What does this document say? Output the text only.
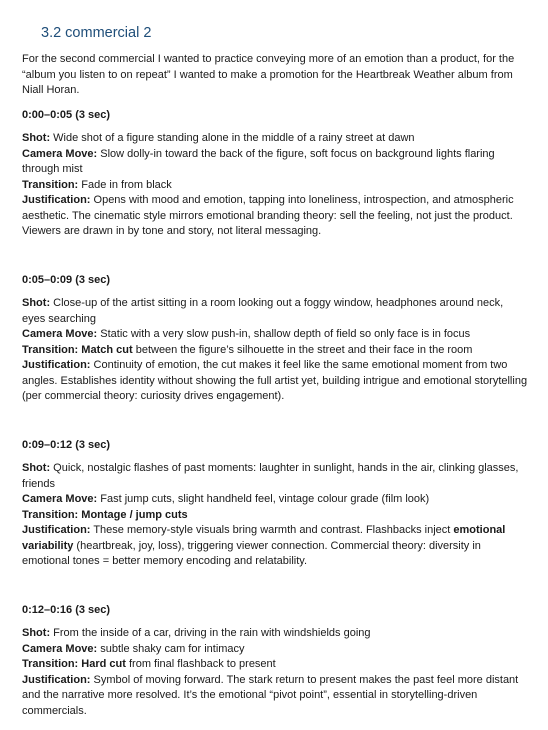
3.2 commercial 2

For the second commercial I wanted to practice conveying more of an emotion than a product, for the “album you listen to on repeat” I wanted to make a promotion for the Heartbreak Weather album from Niall Horan.

0:00–0:05 (3 sec)

Shot: Wide shot of a figure standing alone in the middle of a rainy street at dawn

Camera Move: Slow dolly-in toward the back of the figure, soft focus on background lights flaring through mist

Transition: Fade in from black

Justification: Opens with mood and emotion, tapping into loneliness, introspection, and atmospheric aesthetic. The cinematic style mirrors emotional branding theory: sell the feeling, not just the product. Viewers are drawn in by tone and story, not literal messaging.

0:05–0:09 (3 sec)

Shot: Close-up of the artist sitting in a room looking out a foggy window, headphones around neck, eyes searching

Camera Move: Static with a very slow push-in, shallow depth of field so only face is in focus

Transition: Match cut between the figure’s silhouette in the street and their face in the room

Justification: Continuity of emotion, the cut makes it feel like the same emotional moment from two angles. Establishes identity without showing the full artist yet, building intrigue and emotional storytelling (per commercial theory: curiosity drives engagement).

0:09–0:12 (3 sec)

Shot: Quick, nostalgic flashes of past moments: laughter in sunlight, hands in the air, clinking glasses, friends

Camera Move: Fast jump cuts, slight handheld feel, vintage colour grade (film look)

Transition: Montage / jump cuts

Justification: These memory-style visuals bring warmth and contrast. Flashbacks inject emotional variability (heartbreak, joy, loss), triggering viewer connection. Commercial theory: diversity in emotional tones = better memory encoding and relatability.

0:12–0:16 (3 sec)

Shot: From the inside of a car, driving in the rain with windshields going

Camera Move: subtle shaky cam for intimacy

Transition: Hard cut from final flashback to present

Justification: Symbol of moving forward. The stark return to present makes the past feel more distant and the narrative more resolved. It’s the emotional “pivot point”, essential in storytelling-driven commercials.
